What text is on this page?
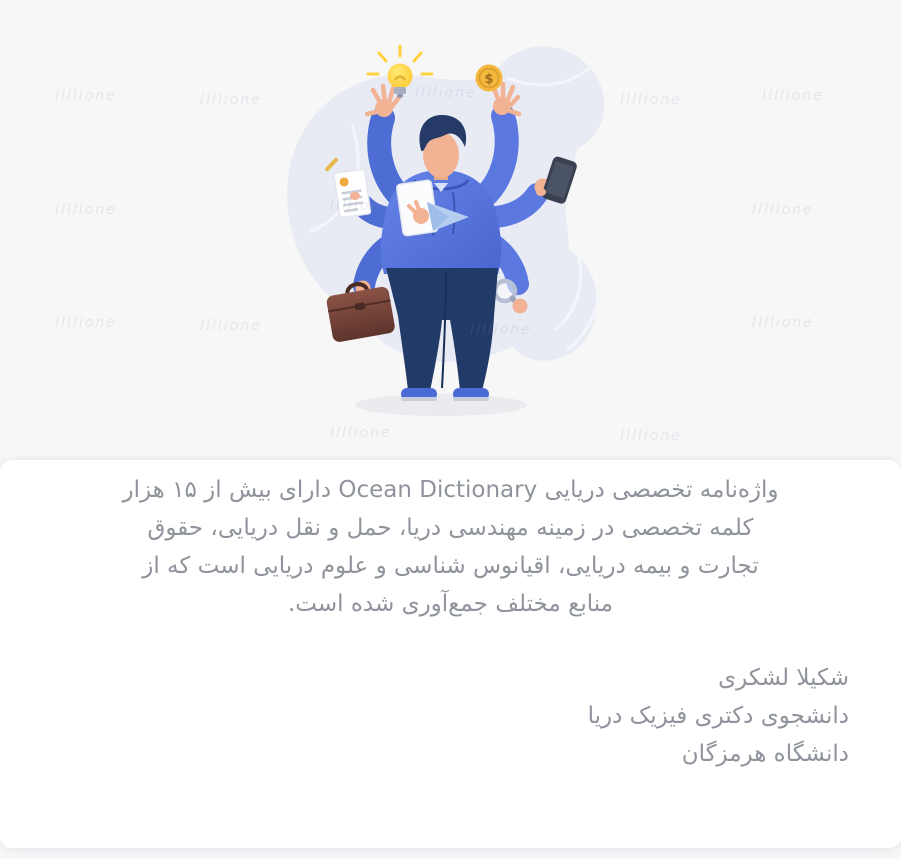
$
Illlione	Illlione	Illlione	Illlione
Illlione	Illlione
Illlione	Illlione	Illlione
Illlione	Illlione
واژه‌نامه تخصصی دریایی Ocean Dictionary دارای بیش از ۱۵ هزار
کلمه تخصصی در زمینه مهندسی دریا، حمل و نقل دریایی، حقوق
تجارت و بیمه دریایی، اقیانوس شناسی و علوم دریایی است که از
منابع مختلف جمع‌آوری شده است.
شکیلا لشکری
دانشجوی دکتری فیزیک دریا
دانشگاه هرمزگان
